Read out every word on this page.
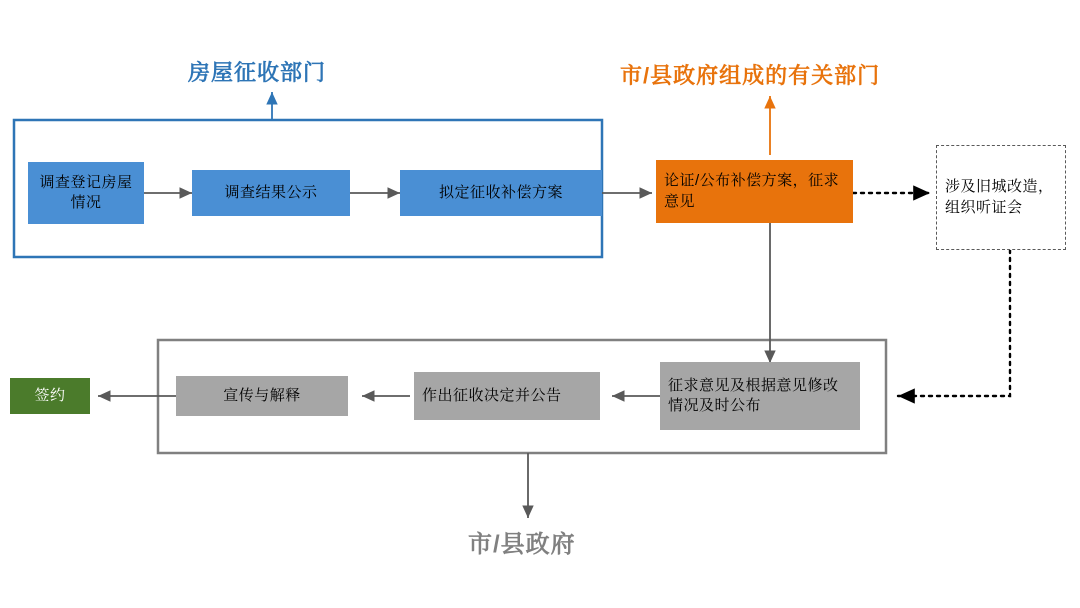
房屋征收部门	市/县政府组成的有关部门
市/县政府
调查登记房屋情况
调查结果公示	拟定征收补偿方案
论证/公布补偿方案，征求意见
涉及旧城改造，组织听证会
征求意见及根据意见修改情况及时公布
作出征收决定并公告
宣传与解释
签约
